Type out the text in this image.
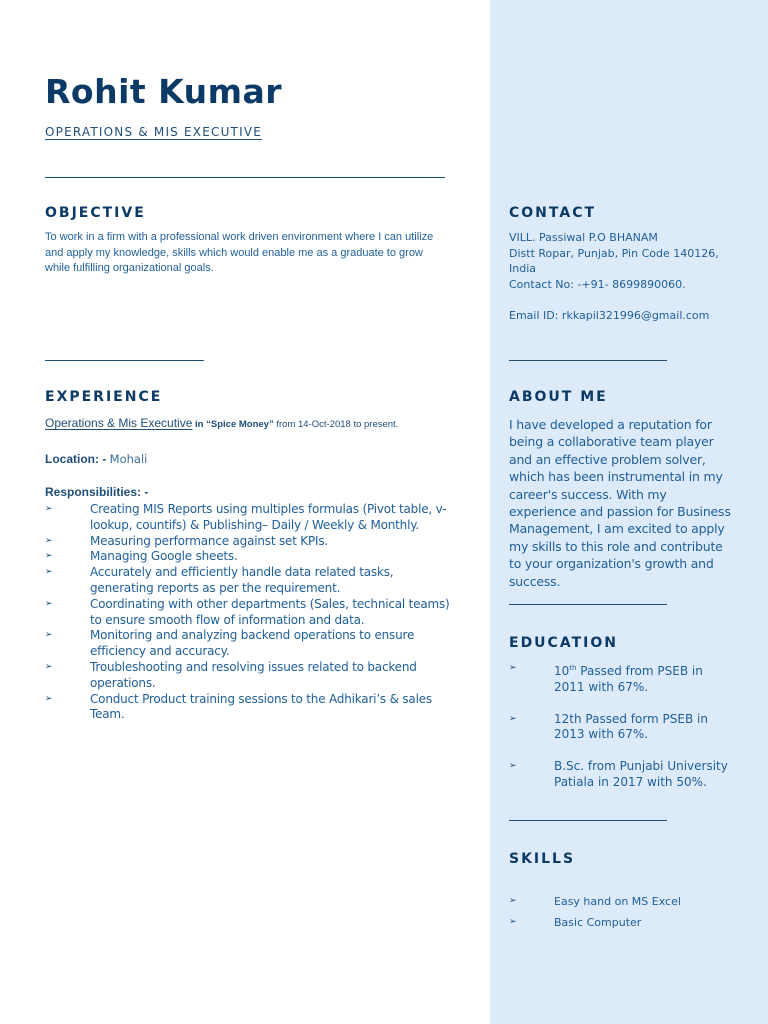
Rohit Kumar
OPERATIONS & MIS EXECUTIVE
OBJECTIVE
To work in a firm with a professional work driven environment where I can utilize and apply my knowledge, skills which would enable me as a graduate to grow while fulfilling organizational goals.
EXPERIENCE
Operations & Mis Executive in “Spice Money” from 14-Oct-2018 to present.
Location: - Mohali
Responsibilities: -
➢	Creating MIS Reports using multiples formulas (Pivot table, v-lookup, countifs) & Publishing– Daily / Weekly & Monthly.
➢	Measuring performance against set KPIs.
➢	Managing Google sheets.
➢	Accurately and efficiently handle data related tasks, generating reports as per the requirement.
➢	Coordinating with other departments (Sales, technical teams) to ensure smooth flow of information and data.
➢	Monitoring and analyzing backend operations to ensure efficiency and accuracy.
➢	Troubleshooting and resolving issues related to backend operations.
➢	Conduct Product training sessions to the Adhikari’s & sales Team.
CONTACT
VILL. Passiwal P.O BHANAM
Distt Ropar, Punjab, Pin Code 140126,
India
Contact No: -+91- 8699890060.
Email ID: rkkapil321996@gmail.com
ABOUT ME
I have developed a reputation for being a collaborative team player and an effective problem solver, which has been instrumental in my career's success. With my experience and passion for Business Management, I am excited to apply my skills to this role and contribute to your organization's growth and success.
EDUCATION
➢	10th Passed from PSEB in 2011 with 67%.
➢	12th Passed form PSEB in 2013 with 67%.
➢	B.Sc. from Punjabi University Patiala in 2017 with 50%.
SKILLS
➢	Easy hand on MS Excel
➢	Basic Computer
